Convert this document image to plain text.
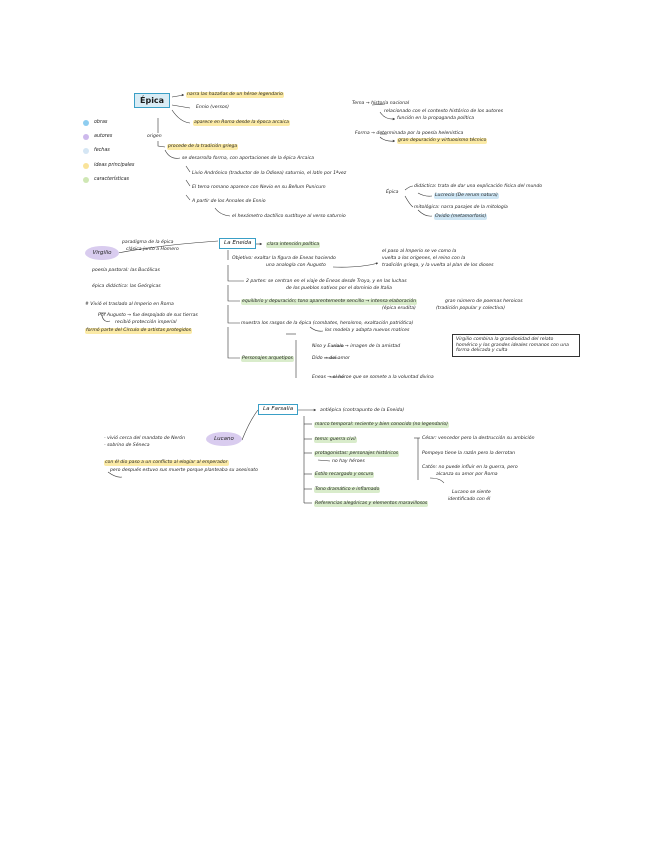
obras
autores
fechas
ideas principales
características
Épica
origen
narra las hazañas de un héroe legendario
Ennio (versos)
aparece en Roma desde la época arcaica
procede de la tradición griega
se desarrolla forma, con aportaciones de la épica Arcaica
Livio Andrónico (traductor de la Odisea) saturnio, el latín por 1ªvez
El tema romano aparece con Nevio en su Bellum Punicum
A partir de los Annales de Ennio
el hexámetro dactílico sustituye al verso saturnio
Tema → historia nacional
relacionado con el contexto histórico de los autores
función en la propaganda política
Forma → determinada por la poesía helenística
gran depuración y virtuosismo técnico
Épica
didáctica: trata de dar una explicación física del mundo
Lucrecio (De rerum natura)
mitológica: narra pasajes de la mitología
Ovidio (metamorfosis)
Virgilio
paradigma de la épica
clásica junto a Homero
poesía pastoral: las Bucólicas
épica didáctica: las Geórgicas
# Vivió el traslado al Imperio en Roma
Por Augusto → fue despojado de sus tierras
recibió protección imperial
formó parte del Círculo de artistas protegidos
La Eneida	clara intención política
Objetivo: exaltar la figura de Eneas haciendo
una analogía con Augusto
el paso al Imperio se ve como la
vuelta a los orígenes, el reino con la
tradición griega, y la vuelta al plan de los dioses
2 partes: se centran en el viaje de Eneas desde Troya, y en las luchas
de los pueblos nativos por el dominio de Italia
equilibrio y depuración; tono aparentemente sencillo → intensa elaboración	gran número de poemas heroicos
(épica erudita)	(tradición popular y colectiva)
muestra los rasgos de la épica (combates, heroísmo, exaltación patriótica)
los modela y adapta nuevos matices
Personajes arquetipos
Niso y Euríalo → imagen de la amistad
Dido → del amor
Eneas → el héroe que se somete a la voluntad divina
Virgilio combina la grandiosidad del relato homérico y los grandes ideales romanos con una forma delicada y culta
La Farsalia
Lucano
antiépica (contrapunto de la Eneida)
marco temporal: reciente y bien conocido (no legendario)
tema: guerra civil
protagonistas: personajes históricos
no hay héroes
Estilo recargado y oscuro
Tono dramático e inflamado
Referencias alegóricas y elementos maravillosos
César: vencedor pero la destrucción su ambición
Pompeyo tiene la razón pero la derrotan
Catón: no puede influir en la guerra, pero
alcanza su amor por Roma
Lucano se siente
identificado con él
- vivió cerca del mandato de Nerón
- sobrino de Séneca
con él dio paso a un conflicto al elogiar al emperador
pero después estuvo sus muerte porque planteaba su asesinato
